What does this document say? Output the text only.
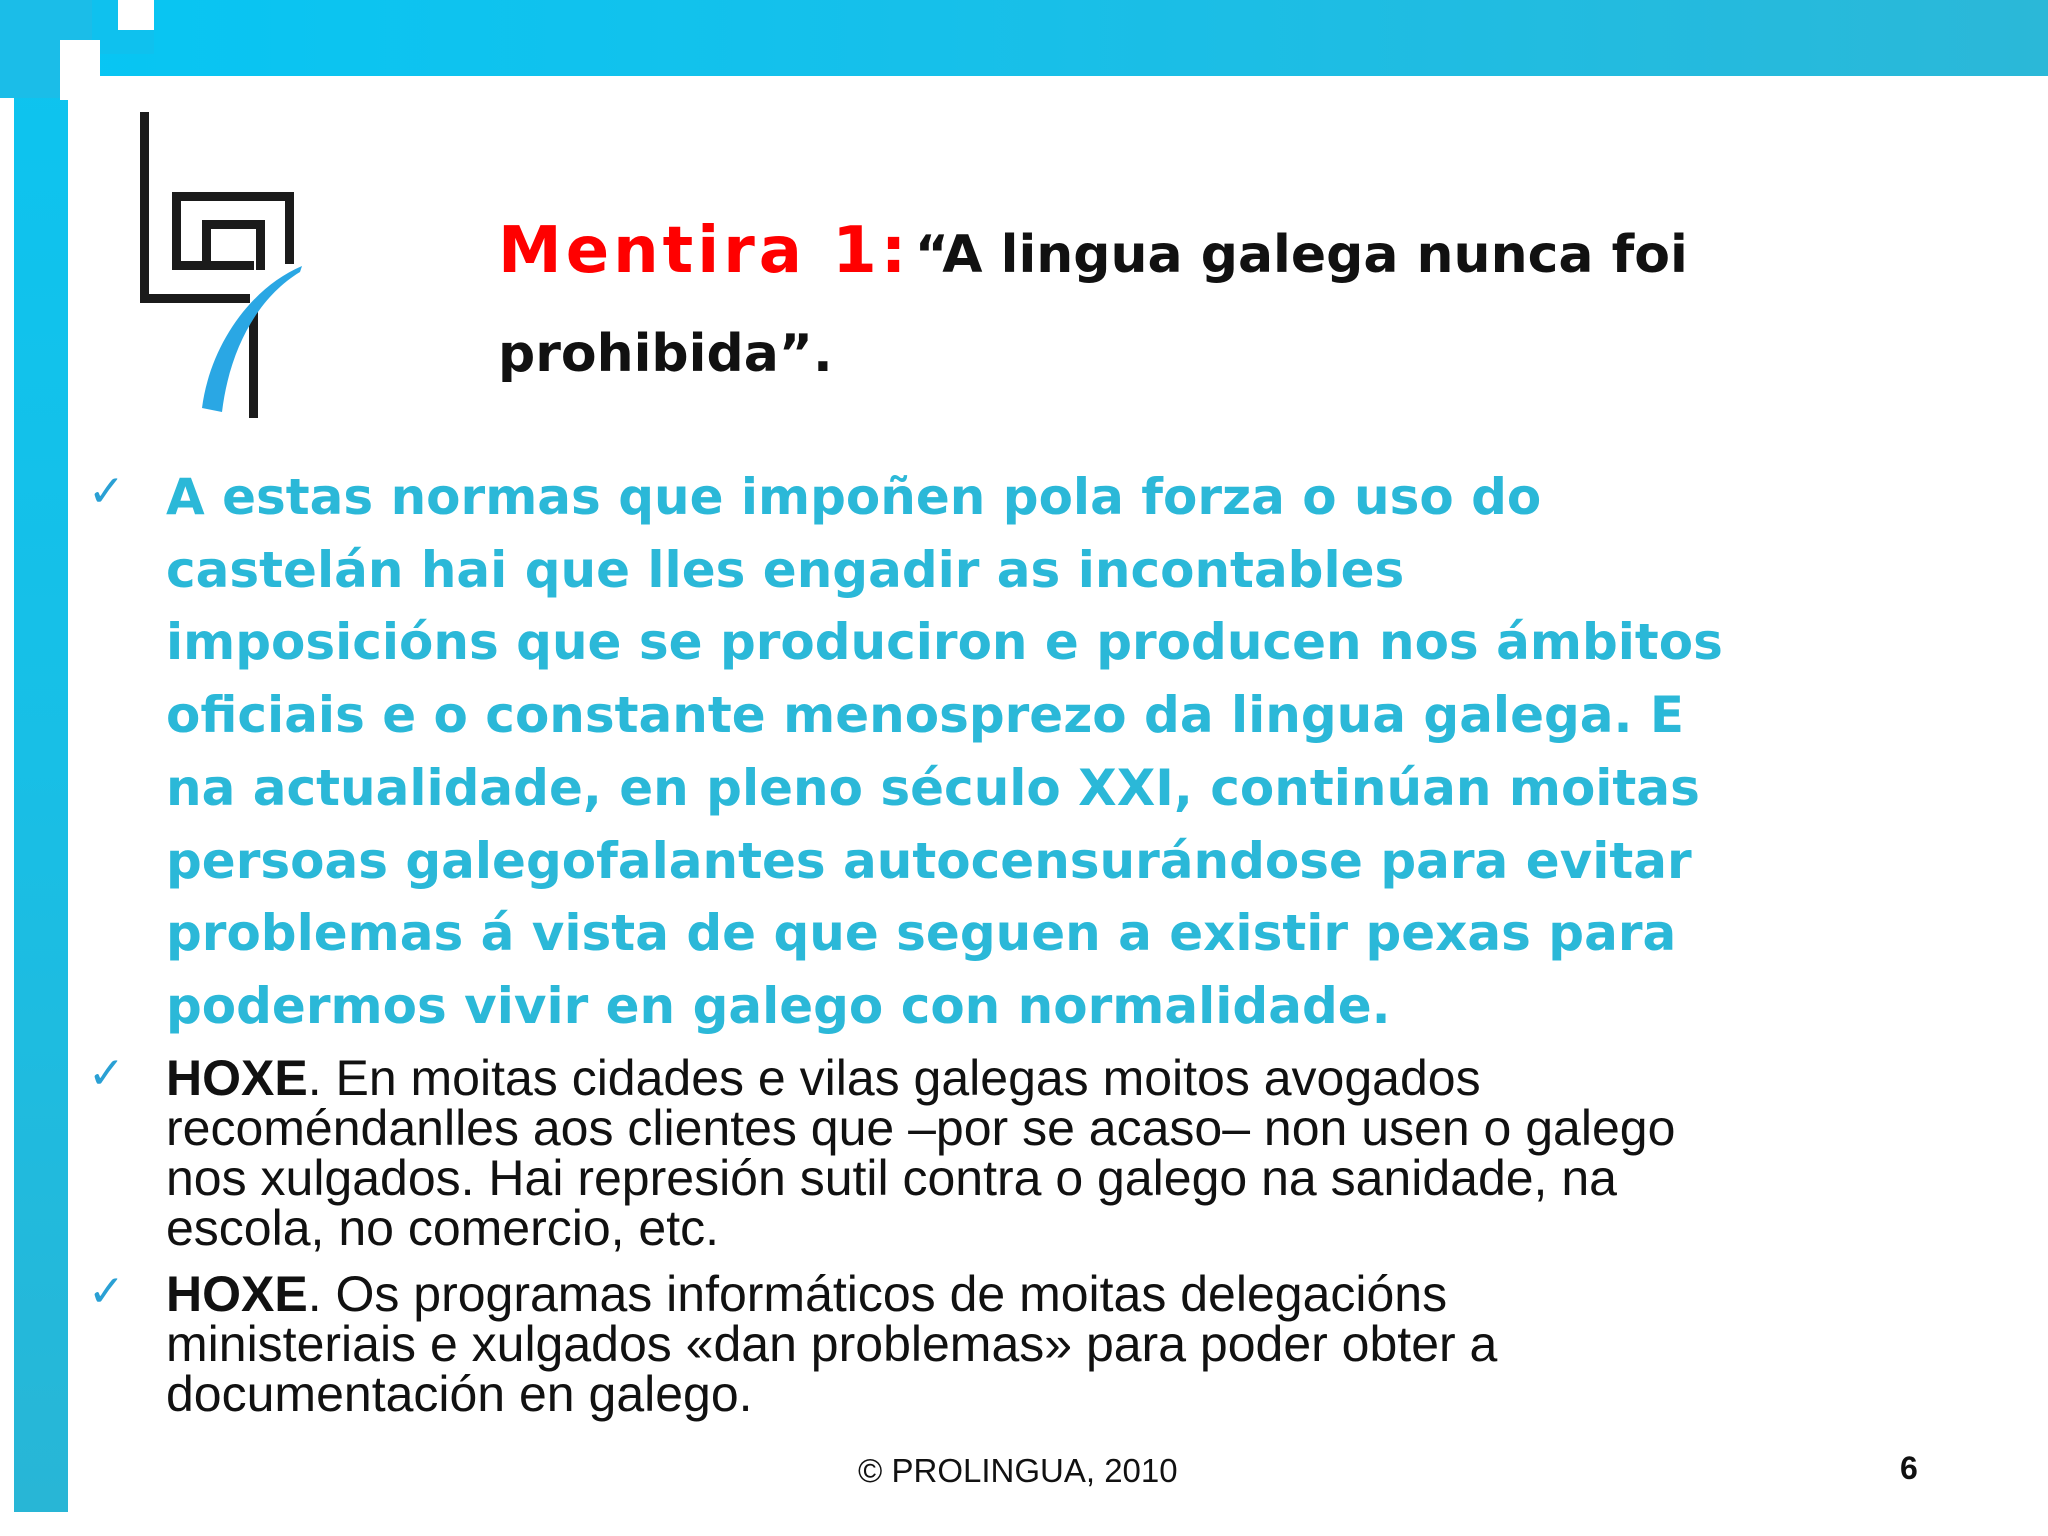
Mentira 1: “A lingua galega nunca foi
prohibida”.
✓ A estas normas que impoñen pola forza o uso do
castelán hai que lles engadir as incontables
imposicións que se produciron e producen nos ámbitos
oficiais e o constante menosprezo da lingua galega. E
na actualidade, en pleno século XXI, continúan moitas
persoas galegofalantes autocensurándose para evitar
problemas á vista de que seguen a existir pexas para
podermos vivir en galego con normalidade.
✓ HOXE. En moitas cidades e vilas galegas moitos avogados
recoméndanlles aos clientes que –por se acaso– non usen o galego
nos xulgados. Hai represión sutil contra o galego na sanidade, na
escola, no comercio, etc.
✓ HOXE. Os programas informáticos de moitas delegacións
ministeriais e xulgados «dan problemas» para poder obter a
documentación en galego.
© PROLINGUA, 2010	6
